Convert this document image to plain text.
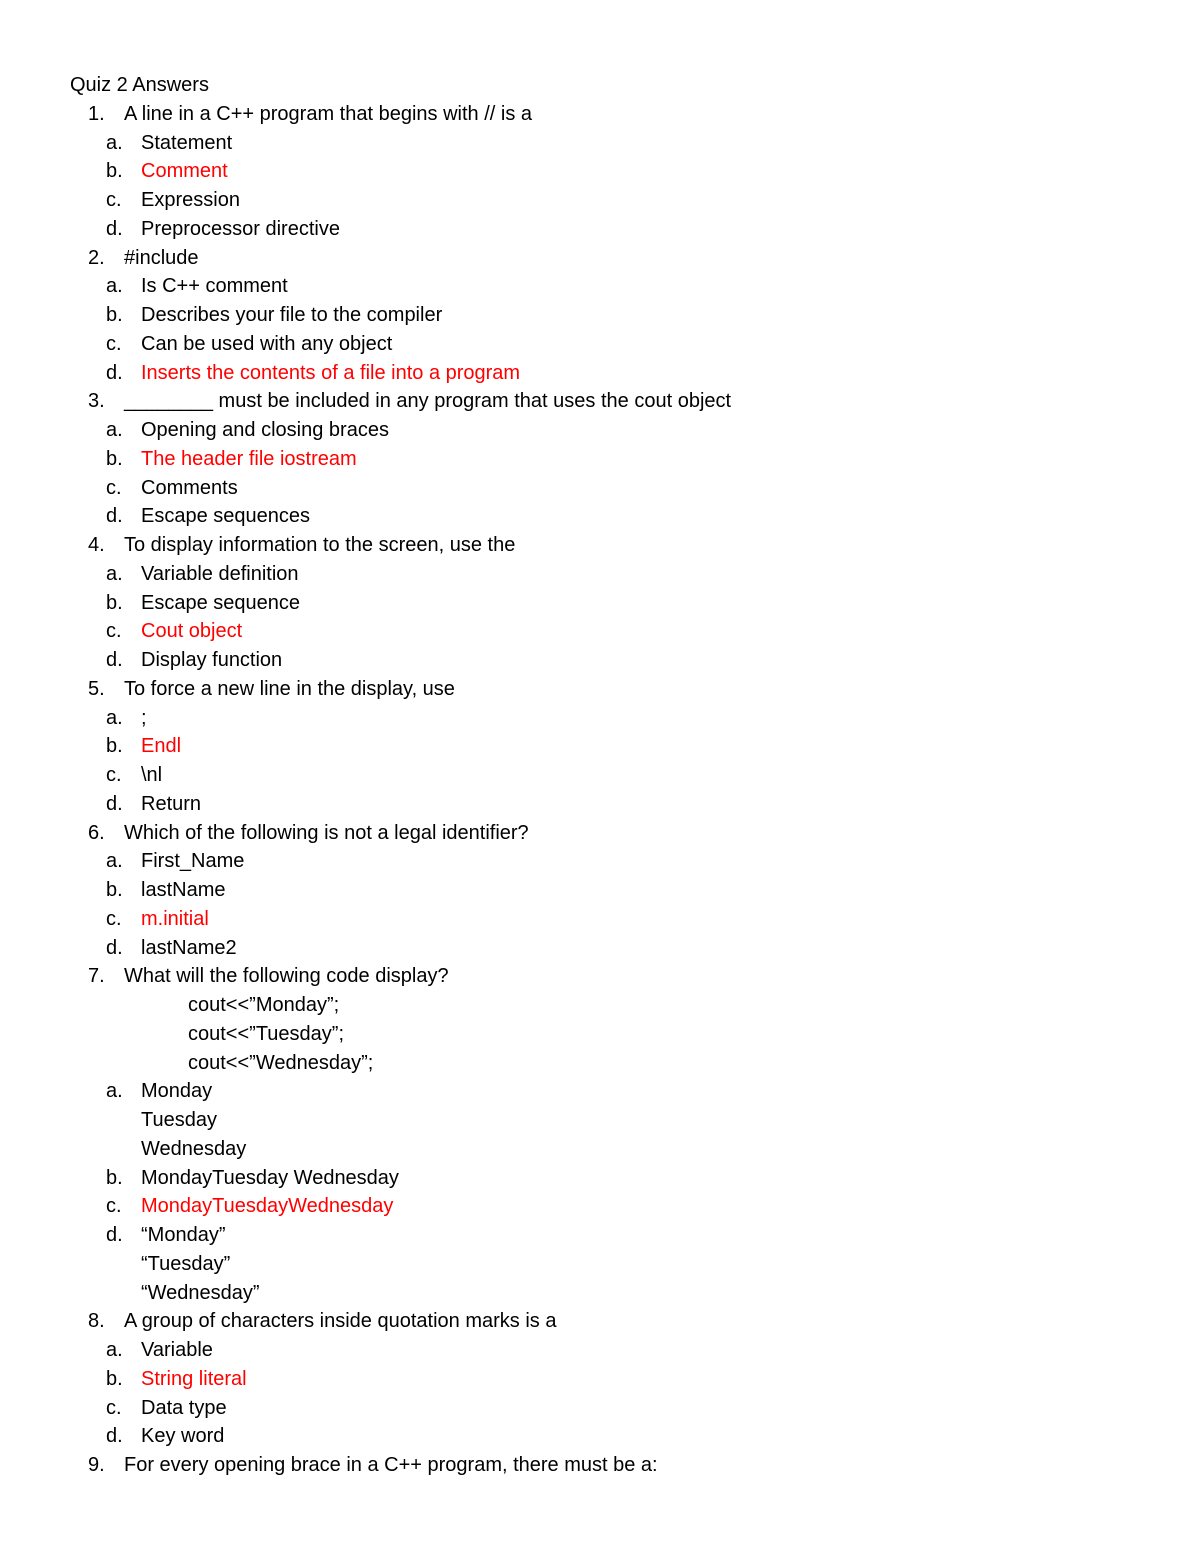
Quiz 2 Answers
1. A line in a C++ program that begins with // is a
a. Statement
b. Comment
c. Expression
d. Preprocessor directive
2. #include
a. Is C++ comment
b. Describes your file to the compiler
c. Can be used with any object
d. Inserts the contents of a file into a program
3. ________ must be included in any program that uses the cout object
a. Opening and closing braces
b. The header file iostream
c. Comments
d. Escape sequences
4. To display information to the screen, use the
a. Variable definition
b. Escape sequence
c. Cout object
d. Display function
5. To force a new line in the display, use
a. ;
b. Endl
c. \nl
d. Return
6. Which of the following is not a legal identifier?
a. First_Name
b. lastName
c. m.initial
d. lastName2
7. What will the following code display?
cout<<”Monday”;
cout<<”Tuesday”;
cout<<”Wednesday”;
a. Monday
Tuesday
Wednesday
b. MondayTuesday Wednesday
c. MondayTuesdayWednesday
d. “Monday”
“Tuesday”
“Wednesday”
8. A group of characters inside quotation marks is a
a. Variable
b. String literal
c. Data type
d. Key word
9. For every opening brace in a C++ program, there must be a:
